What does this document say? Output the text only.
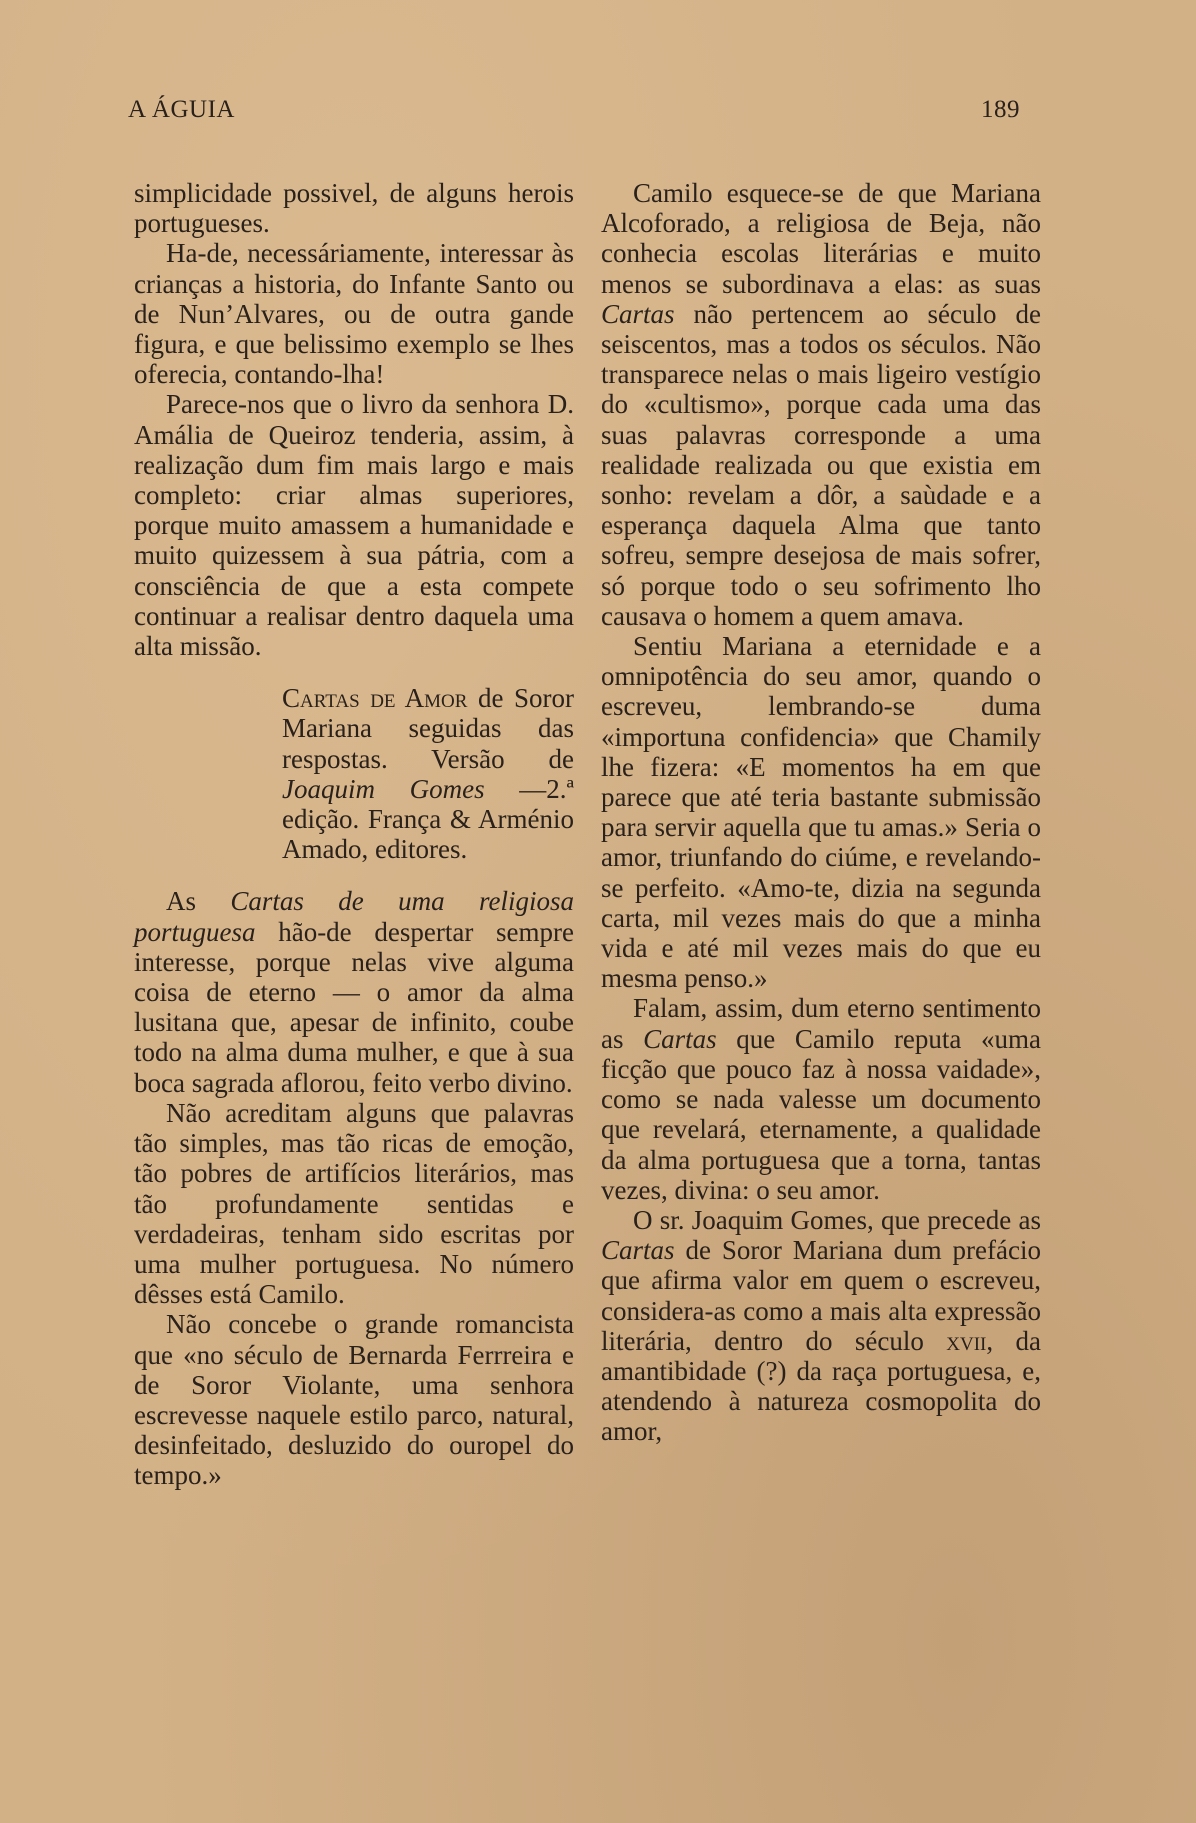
A ÁGUIA	189

simplicidade possivel, de alguns herois portugueses.

Ha-de, necessáriamente, interessar às crianças a historia, do Infante Santo ou de Nun’Alvares, ou de outra gande figura, e que belissimo exemplo se lhes oferecia, contando-lha!

Parece-nos que o livro da senhora D. Amália de Queiroz tenderia, assim, à realização dum fim mais largo e mais completo: criar almas superiores, porque muito amassem a humanidade e muito quizessem à sua pátria, com a consciência de que a esta compete continuar a realisar dentro daquela uma alta missão.

Cartas de Amor de Soror Mariana seguidas das respostas. Versão de Joaquim Gomes —2.ª edição. França & Arménio Amado, editores.

As Cartas de uma religiosa portuguesa hão-de despertar sempre interesse, porque nelas vive alguma coisa de eterno — o amor da alma lusitana que, apesar de infinito, coube todo na alma duma mulher, e que à sua boca sagrada aflorou, feito verbo divino.

Não acreditam alguns que palavras tão simples, mas tão ricas de emoção, tão pobres de artifícios literários, mas tão profundamente sentidas e verdadeiras, tenham sido escritas por uma mulher portuguesa. No número dêsses está Camilo.

Não concebe o grande romancista que «no século de Bernarda Ferrreira e de Soror Violante, uma senhora escrevesse naquele estilo parco, natural, desinfeitado, desluzido do ouropel do tempo.»

Camilo esquece-se de que Mariana Alcoforado, a religiosa de Beja, não conhecia escolas literárias e muito menos se subordinava a elas: as suas Cartas não pertencem ao século de seiscentos, mas a todos os séculos. Não transparece nelas o mais ligeiro vestígio do «cultismo», porque cada uma das suas palavras corresponde a uma realidade realizada ou que existia em sonho: revelam a dôr, a saùdade e a esperança daquela Alma que tanto sofreu, sempre desejosa de mais sofrer, só porque todo o seu sofrimento lho causava o homem a quem amava.

Sentiu Mariana a eternidade e a omnipotência do seu amor, quando o escreveu, lembrando-se duma «importuna confidencia» que Chamily lhe fizera: «E momentos ha em que parece que até teria bastante submissão para servir aquella que tu amas.» Seria o amor, triunfando do ciúme, e revelando-se perfeito. «Amo-te, dizia na segunda carta, mil vezes mais do que a minha vida e até mil vezes mais do que eu mesma penso.»

Falam, assim, dum eterno sentimento as Cartas que Camilo reputa «uma ficção que pouco faz à nossa vaidade», como se nada valesse um documento que revelará, eternamente, a qualidade da alma portuguesa que a torna, tantas vezes, divina: o seu amor.

O sr. Joaquim Gomes, que precede as Cartas de Soror Mariana dum prefácio que afirma valor em quem o escreveu, considera-as como a mais alta expressão literária, dentro do século xvii, da amantibidade (?) da raça portuguesa, e, atendendo à natureza cosmopolita do amor,
